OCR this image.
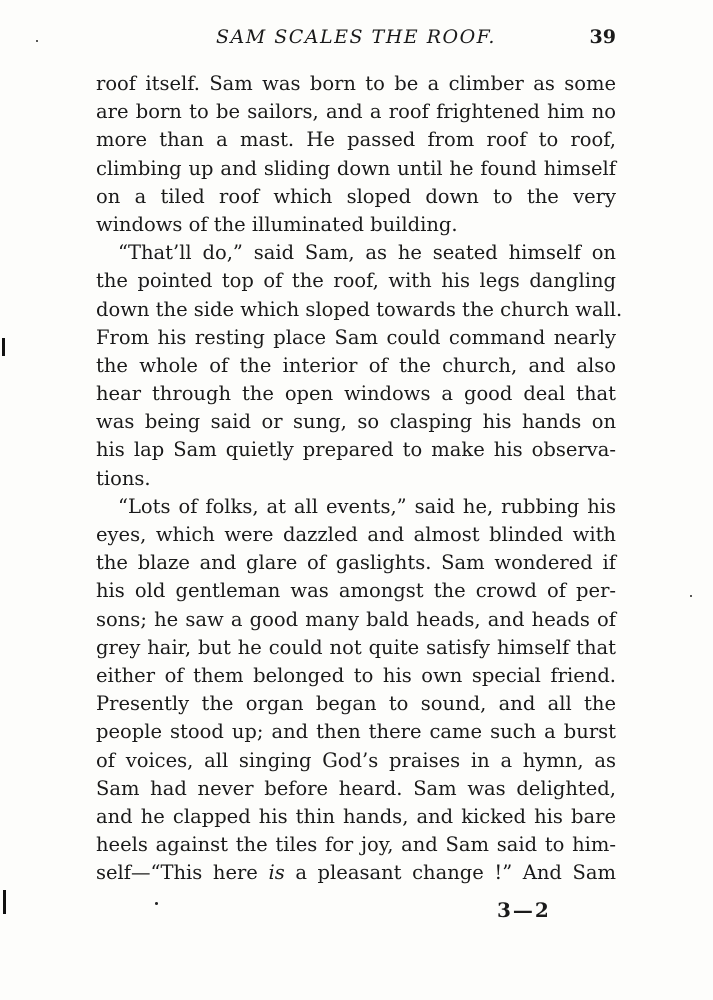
SAM SCALES THE ROOF.	39
roof itself. Sam was born to be a climber as some
are born to be sailors, and a roof frightened him no
more than a mast. He passed from roof to roof,
climbing up and sliding down until he found himself
on a tiled roof which sloped down to the very
windows of the illuminated building.
“That’ll do,” said Sam, as he seated himself on
the pointed top of the roof, with his legs dangling
down the side which sloped towards the church wall.
From his resting place Sam could command nearly
the whole of the interior of the church, and also
hear through the open windows a good deal that
was being said or sung, so clasping his hands on
his lap Sam quietly prepared to make his observa-
tions.
“Lots of folks, at all events,” said he, rubbing his
eyes, which were dazzled and almost blinded with
the blaze and glare of gaslights. Sam wondered if
his old gentleman was amongst the crowd of per-
sons; he saw a good many bald heads, and heads of
grey hair, but he could not quite satisfy himself that
either of them belonged to his own special friend.
Presently the organ began to sound, and all the
people stood up; and then there came such a burst
of voices, all singing God’s praises in a hymn, as
Sam had never before heard. Sam was delighted,
and he clapped his thin hands, and kicked his bare
heels against the tiles for joy, and Sam said to him-
self—“This here is a pleasant change !” And Sam
3—2
